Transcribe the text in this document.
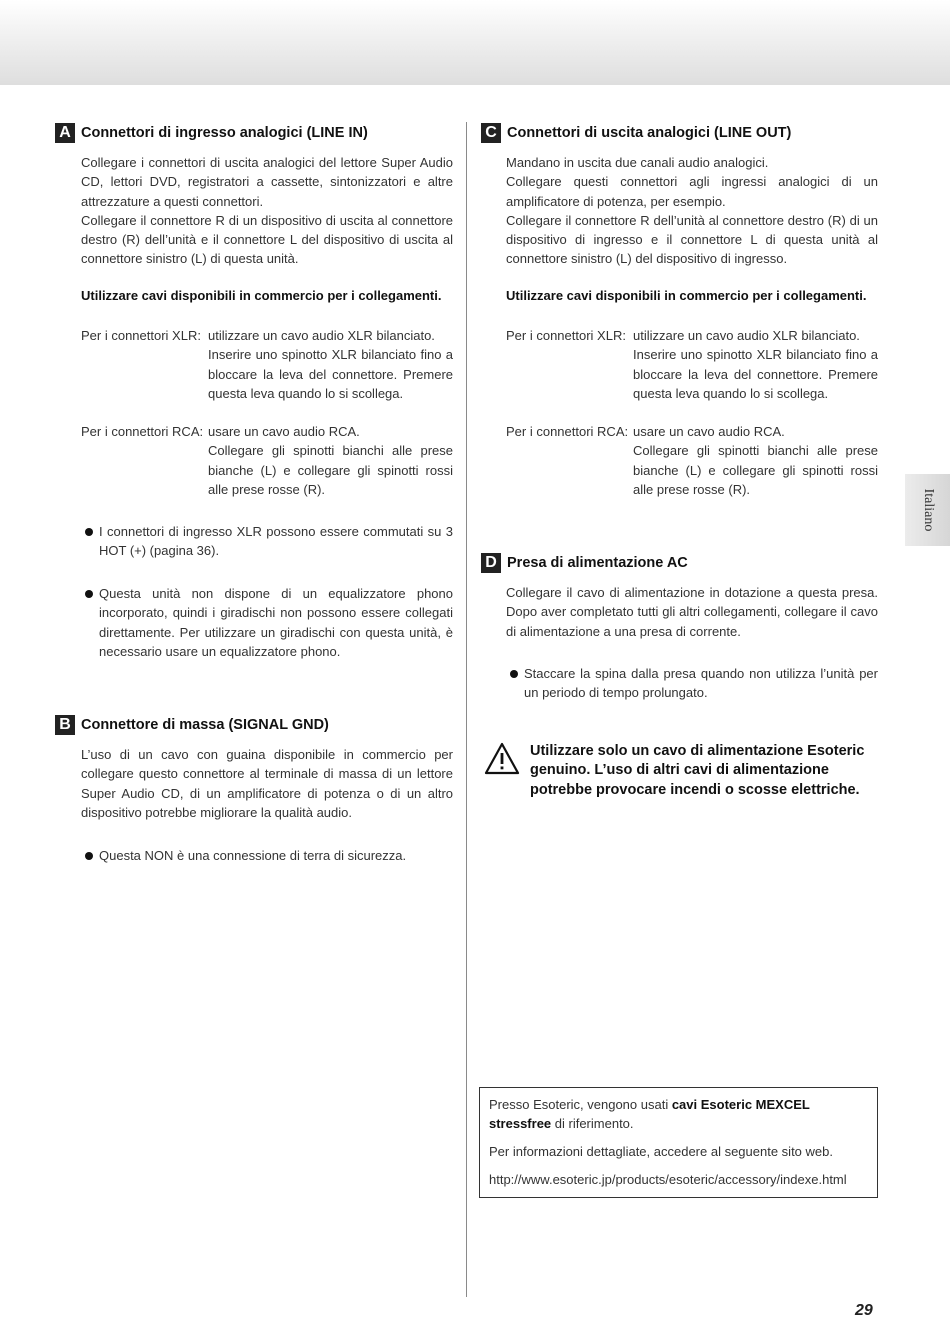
Italiano
A Connettori di ingresso analogici (LINE IN)
Collegare i connettori di uscita analogici del lettore Super Audio CD, lettori DVD, registratori a cassette, sintonizzatori e altre attrezzature a questi connettori.
Collegare il connettore R di un dispositivo di uscita al connettore destro (R) dell’unità e il connettore L del dispositivo di uscita al connettore sinistro (L) di questa unità.
Utilizzare cavi disponibili in commercio per i collegamenti.
Per i connettori XLR: utilizzare un cavo audio XLR bilanciato.
Inserire uno spinotto XLR bilanciato fino a bloccare la leva del connettore. Premere questa leva quando lo si scollega.
Per i connettori RCA: usare un cavo audio RCA.
Collegare gli spinotti bianchi alle prese bianche (L) e collegare gli spinotti rossi alle prese rosse (R).
I connettori di ingresso XLR possono essere commutati su 3 HOT (+) (pagina 36).
Questa unità non dispone di un equalizzatore phono incorporato, quindi i giradischi non possono essere collegati direttamente. Per utilizzare un giradischi con questa unità, è necessario usare un equalizzatore phono.
B Connettore di massa (SIGNAL GND)
L’uso di un cavo con guaina disponibile in commercio per collegare questo connettore al terminale di massa di un lettore Super Audio CD, di un amplificatore di potenza o di un altro dispositivo potrebbe migliorare la qualità audio.
Questa NON è una connessione di terra di sicurezza.
C Connettori di uscita analogici (LINE OUT)
Mandano in uscita due canali audio analogici.
Collegare questi connettori agli ingressi analogici di un amplificatore di potenza, per esempio.
Collegare il connettore R dell’unità al connettore destro (R) di un dispositivo di ingresso e il connettore L di questa unità al connettore sinistro (L) del dispositivo di ingresso.
Utilizzare cavi disponibili in commercio per i collegamenti.
Per i connettori XLR: utilizzare un cavo audio XLR bilanciato.
Inserire uno spinotto XLR bilanciato fino a bloccare la leva del connettore. Premere questa leva quando lo si scollega.
Per i connettori RCA: usare un cavo audio RCA.
Collegare gli spinotti bianchi alle prese bianche (L) e collegare gli spinotti rossi alle prese rosse (R).
D Presa di alimentazione AC
Collegare il cavo di alimentazione in dotazione a questa presa. Dopo aver completato tutti gli altri collegamenti, collegare il cavo di alimentazione a una presa di corrente.
Staccare la spina dalla presa quando non utilizza l’unità per un periodo di tempo prolungato.
Utilizzare solo un cavo di alimentazione Esoteric genuino. L’uso di altri cavi di alimentazione potrebbe provocare incendi o scosse elettriche.

Presso Esoteric, vengono usati cavi Esoteric MEXCEL stressfree di riferimento.

Per informazioni dettagliate, accedere al seguente sito web.

http://www.esoteric.jp/products/esoteric/accessory/indexe.html

29
